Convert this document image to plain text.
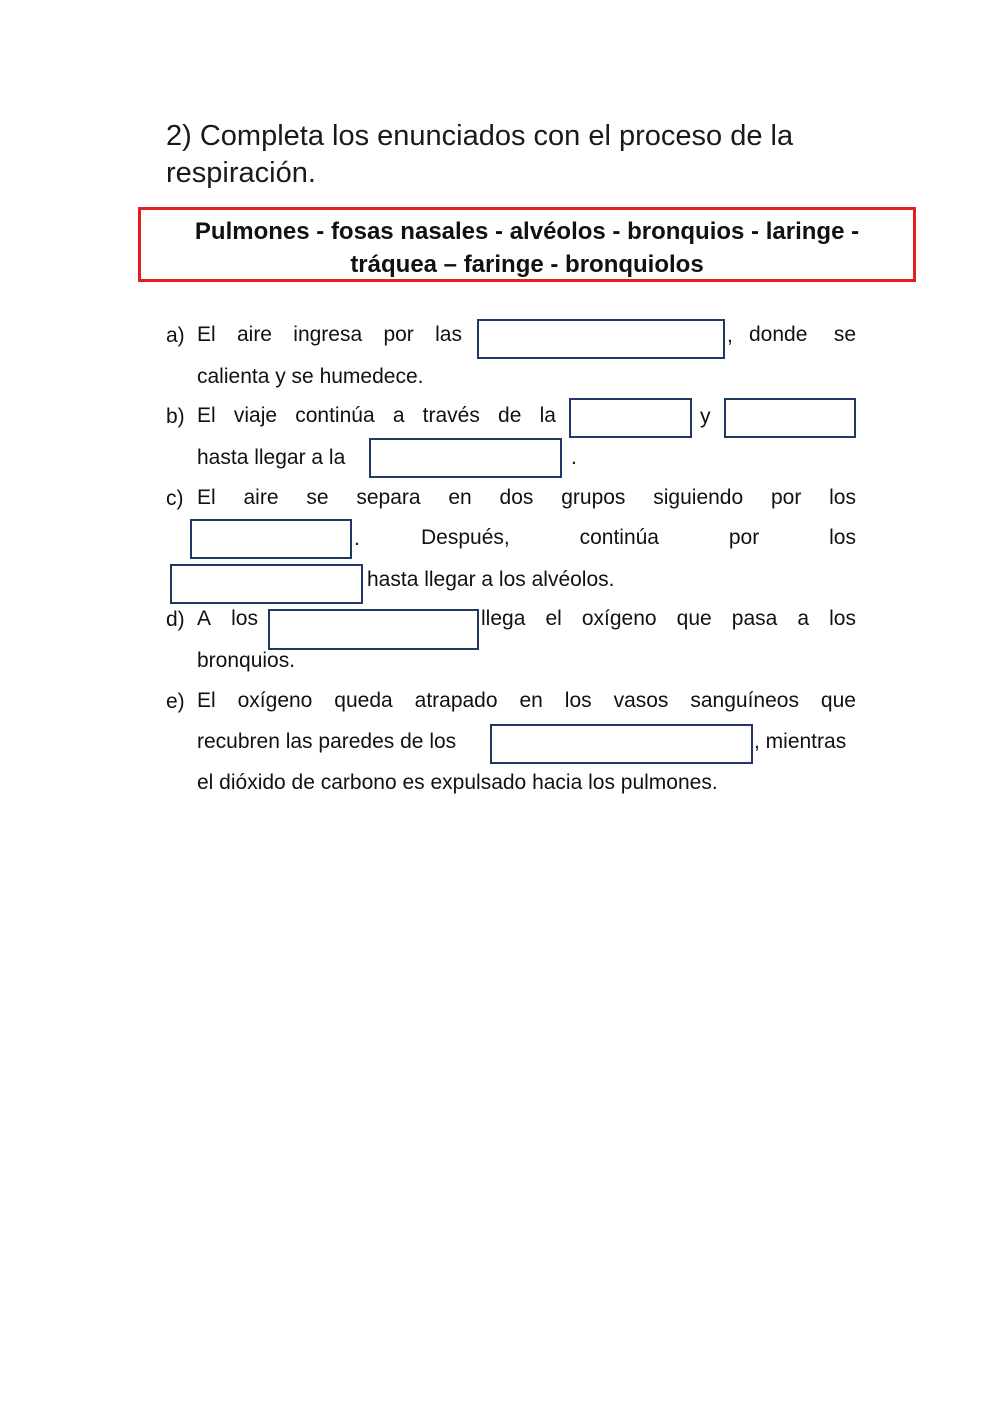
2) Completa los enunciados con el proceso de la
respiración.
Pulmones - fosas nasales - alvéolos - bronquios - laringe -
tráquea – faringe - bronquiolos
a) El aire ingresa por las	, donde se
calienta y se humedece.
b) El viaje continúa a través de la	y
hasta llegar a la	.
c) El aire se separa en dos grupos siguiendo por los
.	Después,	continúa	por	los
hasta llegar a los alvéolos.
d) A los	llega el oxígeno que pasa a los
bronquios.
e) El oxígeno queda atrapado en los vasos sanguíneos que
recubren las paredes de los	, mientras
el dióxido de carbono es expulsado hacia los pulmones.
